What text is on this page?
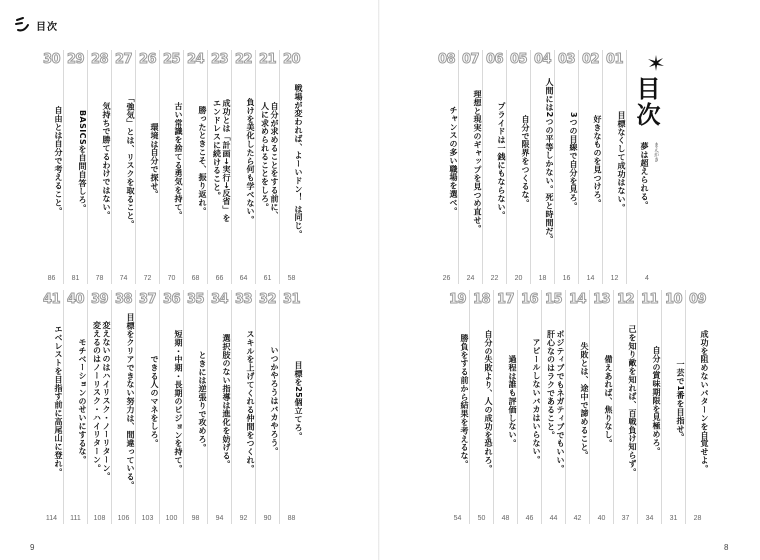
目次
20
戦場が変われば、よーいドン！ は同じ。
58
21
自分が求めることをする前に、
人に求められることをしろ。
61
22
負けを美化したら何も学べない。
64
23
成功とは「計画→実行→反省」を
エンドレスに続けること。
66
24
勝ったときこそ、振り返れ。
68
25
古い常識を捨てる勇気を持て。
70
26
環境は自分で探せ。
72
27
「強気」とは、リスクを取ること。
74
28
気持ちで勝てるわけではない。
78
29
BASICSを自問自答しろ。
81
30
自由とは自分で考えること。
86
31
目標を25個立てろ。
88
32
いつかやろうはバカやろう。
90
33
スキルを上げてくれる仲間をつくれ。
92
34
選択肢のない指導は進化を妨げる。
94
35
ときには逆張りで攻めろ。
98
36
短期・中期・長期のビジョンを持て。
100
37
できる人のマネをしろ。
103
38
目標をクリアできない努力は、間違っている。
106
39
変えないのはハイリスク・ノーリターン。
変えるのはノーリスク・ハイリターン。
108
40
モチベーションのせいにするな。
111
41
エベレストを目指す前に高尾山に登れ。
114
9
目次
まえがき
夢は超えられる。
4
01
目標なくして成功はない。
12
02
好きなものを見つけろ。
14
03
3つの目線で自分を見ろ。
16
04
人間には2つの平等しかない。死と時間だ。
18
05
自分で限界をつくるな。
20
06
プライドは一銭にもならない。
22
07
理想と現実のギャップを見つめ直せ。
24
08
チャンスの多い職場を選べ。
26
09
成功を阻めないパターンを自覚せよ。
28
10
一芸で1番を目指せ。
31
11
自分の賞味期限を見極めろ。
34
12
己を知り敵を知れば、百戦負け知らず。
37
13
備えあれば、焦りなし。
40
14
失敗とは、途中で諦めること。
42
15
ポジティブでもネガティブでもいい。
肝心なのはラクであること。
44
16
アピールしないバカはいらない。
46
17
過程は誰も評価しない。
48
18
自分の失敗より、人の成功を恐れろ。
50
19
勝負をする前から結果を考えるな。
54
8
